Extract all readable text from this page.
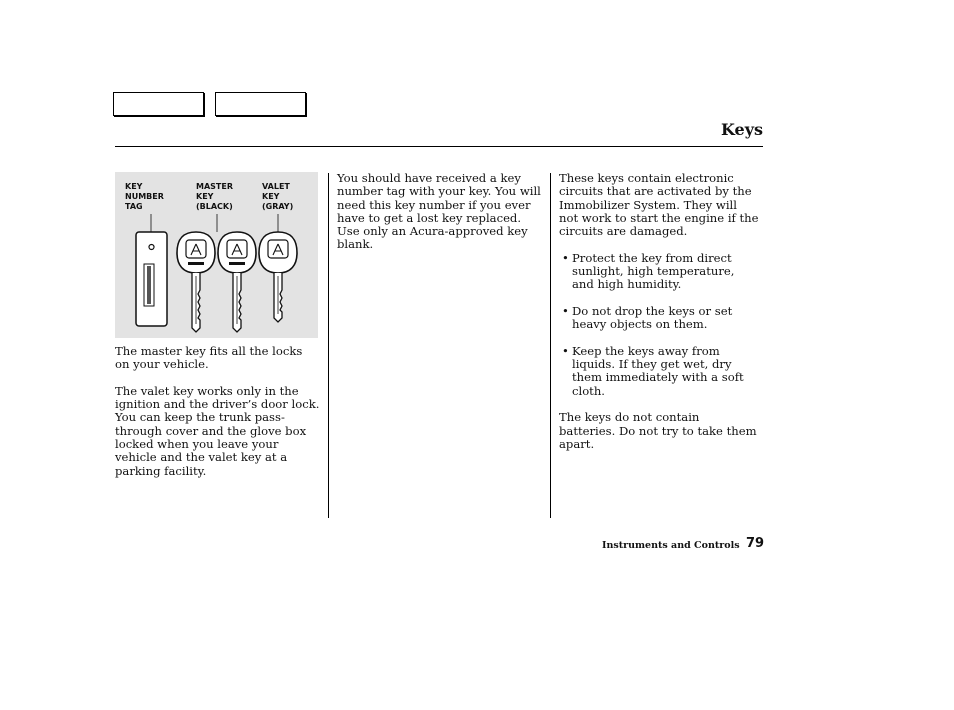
Keys
KEY
NUMBER
TAG
MASTER
KEY
(BLACK)
VALET
KEY
(GRAY)

The master key fits all the locks on your vehicle.

The valet key works only in the ignition and the driver’s door lock. You can keep the trunk pass-through cover and the glove box locked when you leave your vehicle and the valet key at a parking facility.

You should have received a key number tag with your key. You will need this key number if you ever have to get a lost key replaced. Use only an Acura-approved key blank.

These keys contain electronic circuits that are activated by the Immobilizer System. They will not work to start the engine if the circuits are damaged.

• Protect the key from direct sunlight, high temperature, and high humidity.
• Do not drop the keys or set heavy objects on them.
• Keep the keys away from liquids. If they get wet, dry them immediately with a soft cloth.

The keys do not contain batteries. Do not try to take them apart.

Instruments and Controls 79
